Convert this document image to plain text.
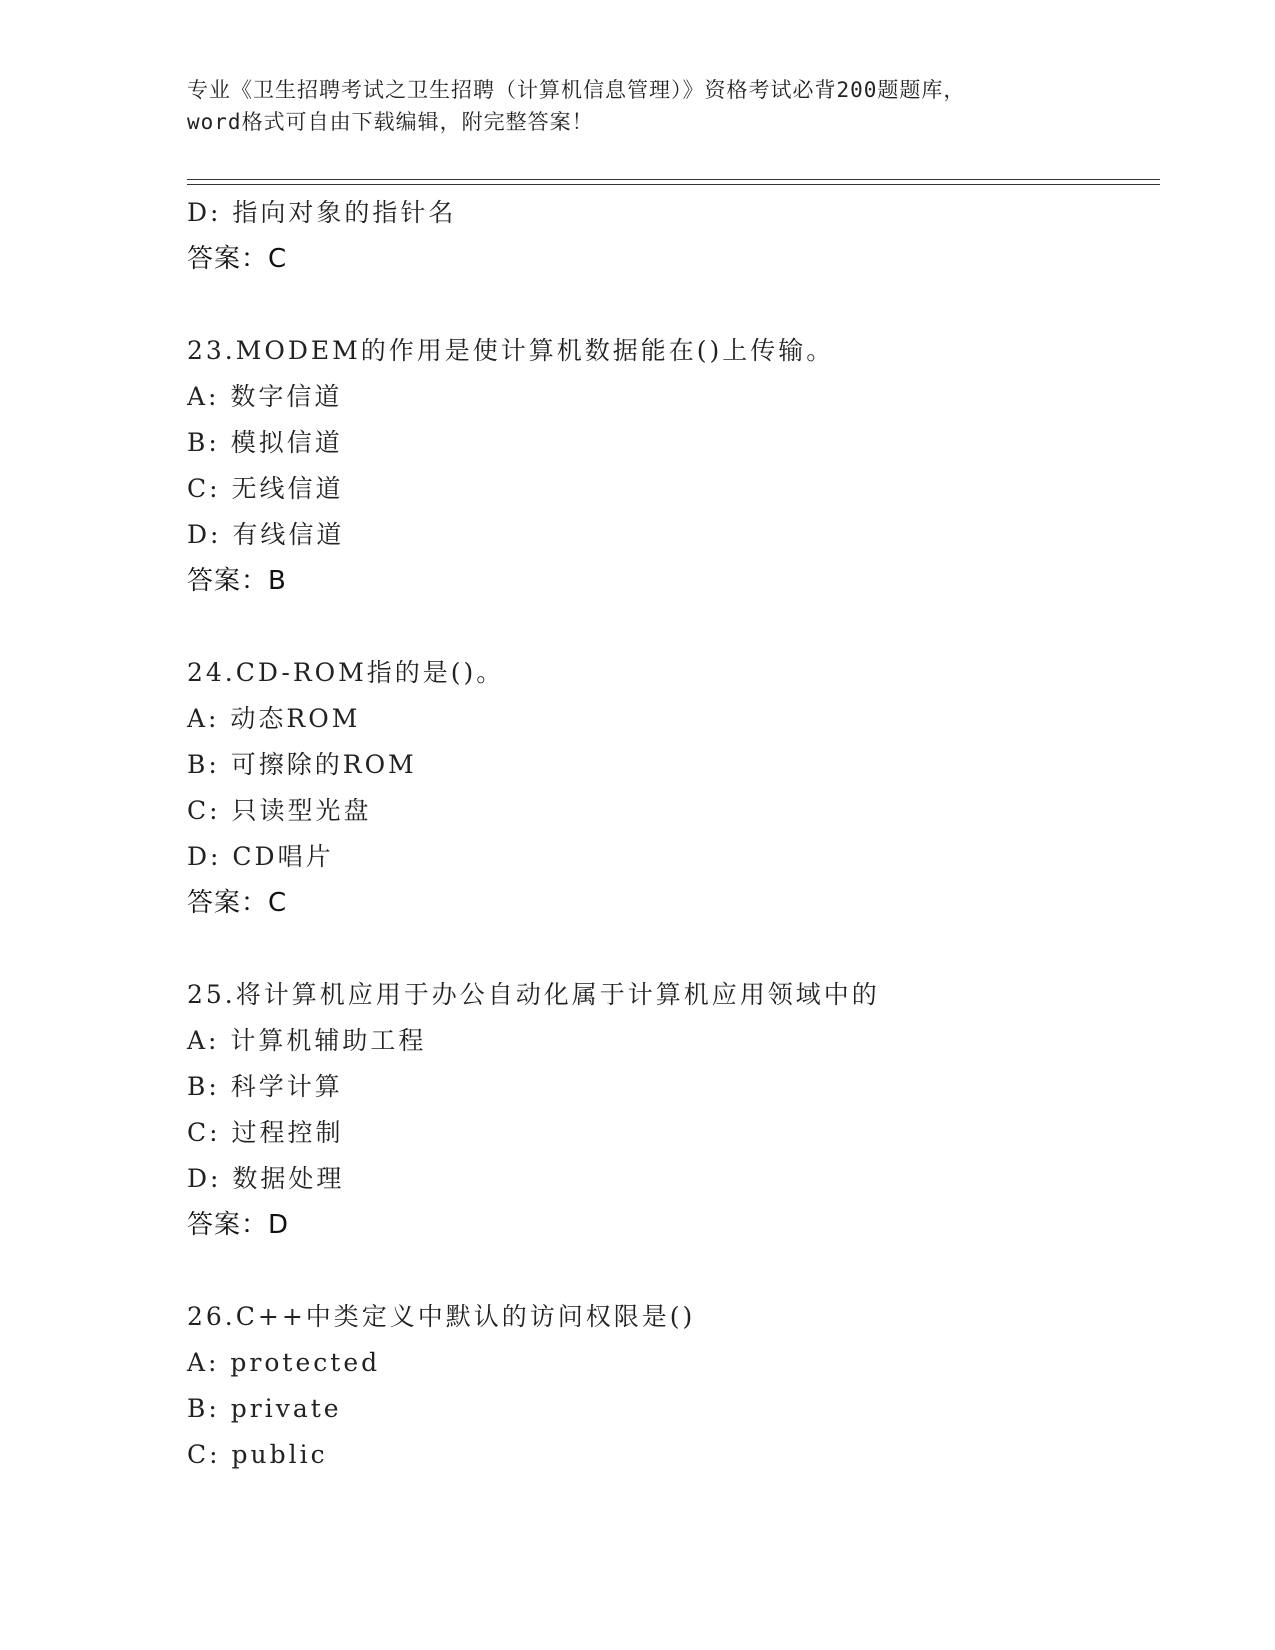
专业《卫生招聘考试之卫生招聘（计算机信息管理）》资格考试必背200题题库，
word格式可自由下载编辑，附完整答案！
D: 指向对象的指针名
答案：C
23.MODEM的作用是使计算机数据能在()上传输。
A: 数字信道
B: 模拟信道
C: 无线信道
D: 有线信道
答案：B
24.CD-ROM指的是()。
A: 动态ROM
B: 可擦除的ROM
C: 只读型光盘
D: CD唱片
答案：C
25.将计算机应用于办公自动化属于计算机应用领域中的
A: 计算机辅助工程
B: 科学计算
C: 过程控制
D: 数据处理
答案：D
26.C++中类定义中默认的访问权限是()
A: protected
B: private
C: public
